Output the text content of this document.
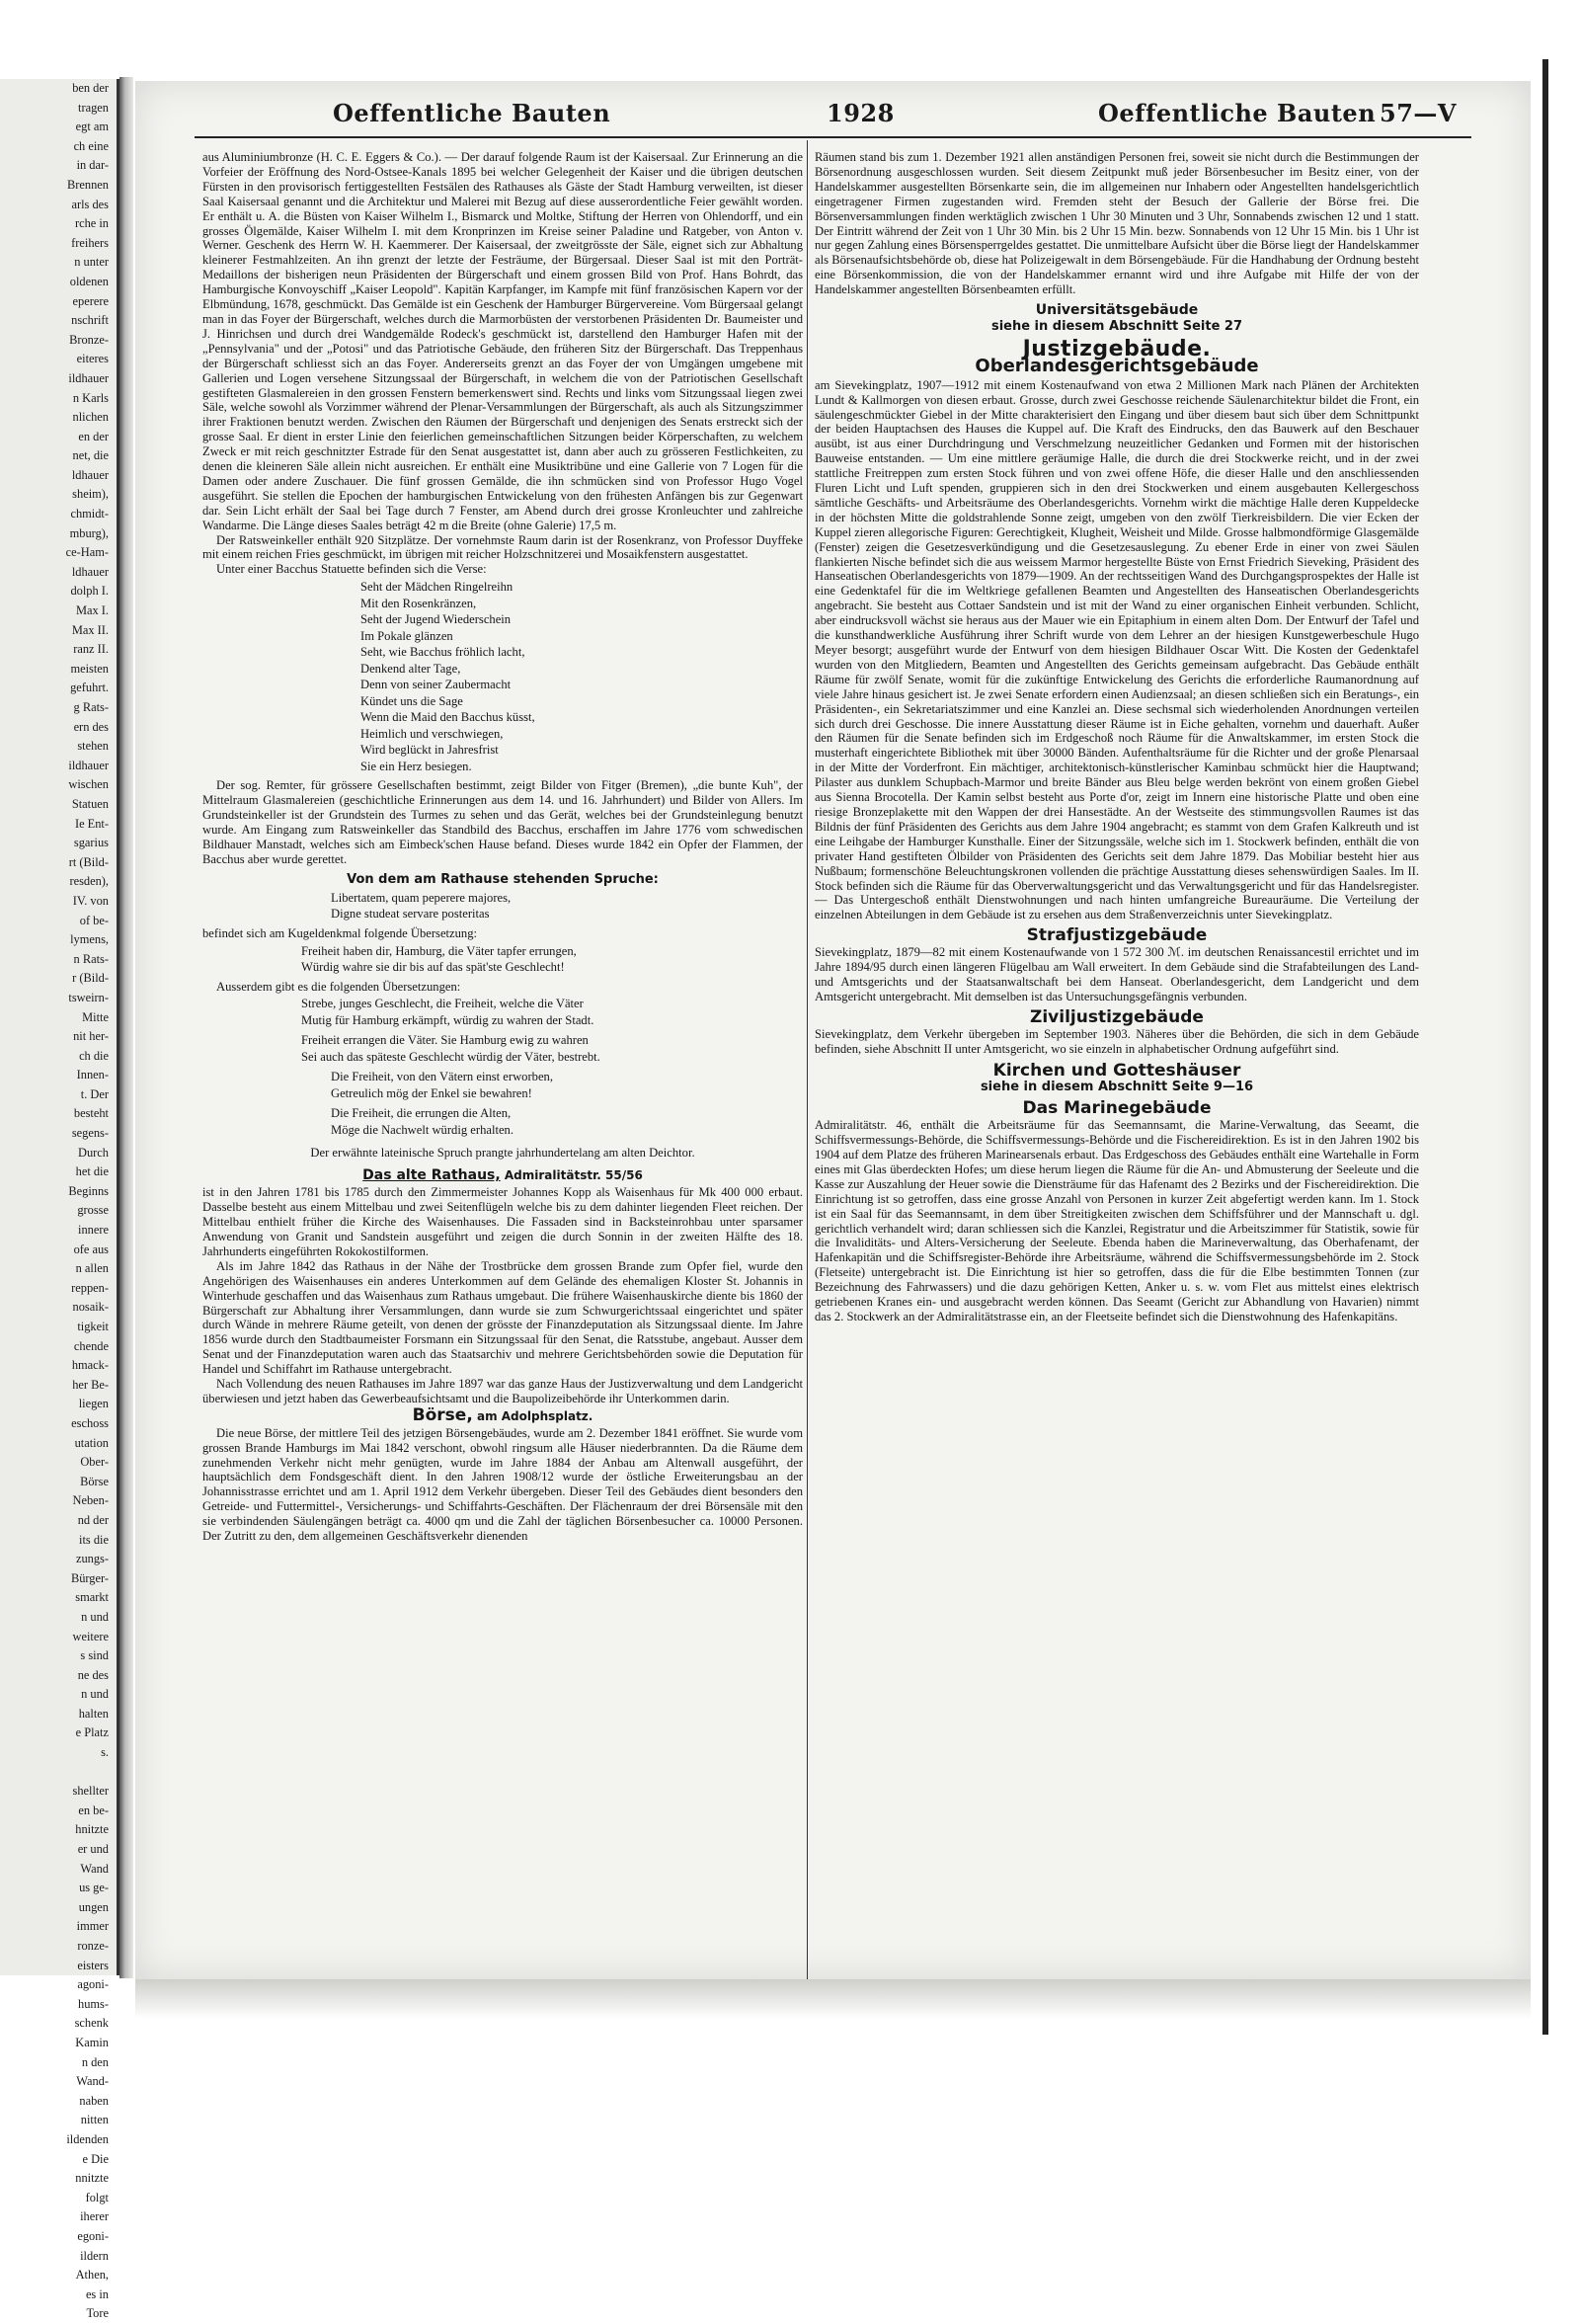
ben der
tragen
egt am
ch eine
in dar-
Brennen
arls des
rche in
freihers
n unter
oldenen
eperere
nschrift
Bronze-
eiteres
ildhauer
n Karls
nlichen
en der
net, die
ldhauer
sheim),
chmidt-
mburg),
ce-Ham-
ldhauer
dolph I.
Max I.
Max II.
ranz II.
meisten
gefuhrt.
g Rats-
ern des
stehen
ildhauer
wischen
Statuen
Ie Ent-
sgarius
rt (Bild-
resden),
IV. von
of be-
lymens,
n Rats-
r (Bild-
tsweirn-
Mitte
nit her-
ch die
Innen-
t. Der
besteht
segens-
Durch
het die
Beginns
grosse
innere
ofe aus
n allen
reppen-
nosaik-
tigkeit
chende
hmack-
her Be-
liegen
eschoss
utation
Ober-
Börse
Neben-
nd der
its die
zungs-
Bürger-
smarkt
n und
weitere
s sind
ne des
n und
halten
e Platz
s.

shellter
en be-
hnitzte
er und
Wand
us ge-
ungen
immer
ronze-
eisters
agoni-
hums-
schenk
Kamin
n den
Wand-
naben
nitten
ildenden
e Die
nnitzte
folgt
iherer
egoni-
ildern
Athen,
es in
Tore
Oeffentliche Bauten	1928	Oeffentliche Bauten 57—V

aus Aluminiumbronze (H. C. E. Eggers & Co.). — Der darauf folgende Raum ist der Kaisersaal. Zur Erinnerung an die Vorfeier der Eröffnung des Nord-Ostsee-Kanals 1895 bei welcher Gelegenheit der Kaiser und die übrigen deutschen Fürsten in den provisorisch fertiggestellten Festsälen des Rathauses als Gäste der Stadt Hamburg verweilten, ist dieser Saal Kaisersaal genannt und die Architektur und Malerei mit Bezug auf diese ausserordentliche Feier gewählt worden. Er enthält u. A. die Büsten von Kaiser Wilhelm I., Bismarck und Moltke, Stiftung der Herren von Ohlendorff, und ein grosses Ölgemälde, Kaiser Wilhelm I. mit dem Kronprinzen im Kreise seiner Paladine und Ratgeber, von Anton v. Werner. Geschenk des Herrn W. H. Kaemmerer. Der Kaisersaal, der zweitgrösste der Säle, eignet sich zur Abhaltung kleinerer Festmahlzeiten. An ihn grenzt der letzte der Festräume, der Bürgersaal. Dieser Saal ist mit den Porträt-Medaillons der bisherigen neun Präsidenten der Bürgerschaft und einem grossen Bild von Prof. Hans Bohrdt, das Hamburgische Konvoyschiff „Kaiser Leopold". Kapitän Karpfanger, im Kampfe mit fünf französischen Kapern vor der Elbmündung, 1678, geschmückt. Das Gemälde ist ein Geschenk der Hamburger Bürgervereine. Vom Bürgersaal gelangt man in das Foyer der Bürgerschaft, welches durch die Marmorbüsten der verstorbenen Präsidenten Dr. Baumeister und J. Hinrichsen und durch drei Wandgemälde Rodeck's geschmückt ist, darstellend den Hamburger Hafen mit der „Pennsylvania" und der „Potosi" und das Patriotische Gebäude, den früheren Sitz der Bürgerschaft. Das Treppenhaus der Bürgerschaft schliesst sich an das Foyer. Andererseits grenzt an das Foyer der von Umgängen umgebene mit Gallerien und Logen versehene Sitzungssaal der Bürgerschaft, in welchem die von der Patriotischen Gesellschaft gestifteten Glasmalereien in den grossen Fenstern bemerkenswert sind. Rechts und links vom Sitzungssaal liegen zwei Säle, welche sowohl als Vorzimmer während der Plenar-Versammlungen der Bürgerschaft, als auch als Sitzungszimmer ihrer Fraktionen benutzt werden. Zwischen den Räumen der Bürgerschaft und denjenigen des Senats erstreckt sich der grosse Saal. Er dient in erster Linie den feierlichen gemeinschaftlichen Sitzungen beider Körperschaften, zu welchem Zweck er mit reich geschnitzter Estrade für den Senat ausgestattet ist, dann aber auch zu grösseren Festlichkeiten, zu denen die kleineren Säle allein nicht ausreichen. Er enthält eine Musiktribüne und eine Gallerie von 7 Logen für die Damen oder andere Zuschauer. Die fünf grossen Gemälde, die ihn schmücken sind von Professor Hugo Vogel ausgeführt. Sie stellen die Epochen der hamburgischen Entwickelung von den frühesten Anfängen bis zur Gegenwart dar. Sein Licht erhält der Saal bei Tage durch 7 Fenster, am Abend durch drei grosse Kronleuchter und zahlreiche Wandarme. Die Länge dieses Saales beträgt 42 m die Breite (ohne Galerie) 17,5 m.

Der Ratsweinkeller enthält 920 Sitzplätze. Der vornehmste Raum darin ist der Rosenkranz, von Professor Duyffeke mit einem reichen Fries geschmückt, im übrigen mit reicher Holzschnitzerei und Mosaikfenstern ausgestattet.

Unter einer Bacchus Statuette befinden sich die Verse:

Seht der Mädchen Ringelreihn
Mit den Rosenkränzen,
Seht der Jugend Wiederschein
Im Pokale glänzen
Seht, wie Bacchus fröhlich lacht,
Denkend alter Tage,
Denn von seiner Zaubermacht
Kündet uns die Sage
Wenn die Maid den Bacchus küsst,
Heimlich und verschwiegen,
Wird beglückt in Jahresfrist
Sie ein Herz besiegen.

Der sog. Remter, für grössere Gesellschaften bestimmt, zeigt Bilder von Fitger (Bremen), „die bunte Kuh", der Mittelraum Glasmalereien (geschichtliche Erinnerungen aus dem 14. und 16. Jahrhundert) und Bilder von Allers. Im Grundsteinkeller ist der Grundstein des Turmes zu sehen und das Gerät, welches bei der Grundsteinlegung benutzt wurde. Am Eingang zum Ratsweinkeller das Standbild des Bacchus, erschaffen im Jahre 1776 vom schwedischen Bildhauer Manstadt, welches sich am Eimbeck'schen Hause befand. Dieses wurde 1842 ein Opfer der Flammen, der Bacchus aber wurde gerettet.

Von dem am Rathause stehenden Spruche:
Libertatem, quam peperere majores,
Digne studeat servare posteritas

befindet sich am Kugeldenkmal folgende Übersetzung:

Freiheit haben dir, Hamburg, die Väter tapfer errungen,
Würdig wahre sie dir bis auf das spät'ste Geschlecht!

Ausserdem gibt es die folgenden Übersetzungen:

Strebe, junges Geschlecht, die Freiheit, welche die Väter
Mutig für Hamburg erkämpft, würdig zu wahren der Stadt.
Freiheit errangen die Väter. Sie Hamburg ewig zu wahren
Sei auch das späteste Geschlecht würdig der Väter, bestrebt.
Die Freiheit, von den Vätern einst erworben,
Getreulich mög der Enkel sie bewahren!
Die Freiheit, die errungen die Alten,
Möge die Nachwelt würdig erhalten.
Der erwähnte lateinische Spruch prangte jahrhundertelang am alten Deichtor.
Das alte Rathaus, Admiralitätstr. 55/56

ist in den Jahren 1781 bis 1785 durch den Zimmermeister Johannes Kopp als Waisenhaus für Mk 400 000 erbaut. Dasselbe besteht aus einem Mittelbau und zwei Seitenflügeln welche bis zu dem dahinter liegenden Fleet reichen. Der Mittelbau enthielt früher die Kirche des Waisenhauses. Die Fassaden sind in Backsteinrohbau unter sparsamer Anwendung von Granit und Sandstein ausgeführt und zeigen die durch Sonnin in der zweiten Hälfte des 18. Jahrhunderts eingeführten Rokokostilformen.

Als im Jahre 1842 das Rathaus in der Nähe der Trostbrücke dem grossen Brande zum Opfer fiel, wurde den Angehörigen des Waisenhauses ein anderes Unterkommen auf dem Gelände des ehemaligen Kloster St. Johannis in Winterhude geschaffen und das Waisenhaus zum Rathaus umgebaut. Die frühere Waisenhauskirche diente bis 1860 der Bürgerschaft zur Abhaltung ihrer Versammlungen, dann wurde sie zum Schwurgerichtssaal eingerichtet und später durch Wände in mehrere Räume geteilt, von denen der grösste der Finanzdeputation als Sitzungssaal diente. Im Jahre 1856 wurde durch den Stadtbaumeister Forsmann ein Sitzungssaal für den Senat, die Ratsstube, angebaut. Ausser dem Senat und der Finanzdeputation waren auch das Staatsarchiv und mehrere Gerichtsbehörden sowie die Deputation für Handel und Schiffahrt im Rathause untergebracht.

Nach Vollendung des neuen Rathauses im Jahre 1897 war das ganze Haus der Justizverwaltung und dem Landgericht überwiesen und jetzt haben das Gewerbeaufsichtsamt und die Baupolizeibehörde ihr Unterkommen darin.

Börse, am Adolphsplatz.

Die neue Börse, der mittlere Teil des jetzigen Börsengebäudes, wurde am 2. Dezember 1841 eröffnet. Sie wurde vom grossen Brande Hamburgs im Mai 1842 verschont, obwohl ringsum alle Häuser niederbrannten. Da die Räume dem zunehmenden Verkehr nicht mehr genügten, wurde im Jahre 1884 der Anbau am Altenwall ausgeführt, der hauptsächlich dem Fondsgeschäft dient. In den Jahren 1908/12 wurde der östliche Erweiterungsbau an der Johannisstrasse errichtet und am 1. April 1912 dem Verkehr übergeben. Dieser Teil des Gebäudes dient besonders den Getreide- und Futtermittel-, Versicherungs- und Schiffahrts-Geschäften. Der Flächenraum der drei Börsensäle mit den sie verbindenden Säulengängen beträgt ca. 4000 qm und die Zahl der täglichen Börsenbesucher ca. 10000 Personen. Der Zutritt zu den, dem allgemeinen Geschäftsverkehr dienenden

Räumen stand bis zum 1. Dezember 1921 allen anständigen Personen frei, soweit sie nicht durch die Bestimmungen der Börsenordnung ausgeschlossen wurden. Seit diesem Zeitpunkt muß jeder Börsenbesucher im Besitz einer, von der Handelskammer ausgestellten Börsenkarte sein, die im allgemeinen nur Inhabern oder Angestellten handelsgerichtlich eingetragener Firmen zugestanden wird. Fremden steht der Besuch der Gallerie der Börse frei. Die Börsenversammlungen finden werktäglich zwischen 1 Uhr 30 Minuten und 3 Uhr, Sonnabends zwischen 12 und 1 statt. Der Eintritt während der Zeit von 1 Uhr 30 Min. bis 2 Uhr 15 Min. bezw. Sonnabends von 12 Uhr 15 Min. bis 1 Uhr ist nur gegen Zahlung eines Börsensperrgeldes gestattet. Die unmittelbare Aufsicht über die Börse liegt der Handelskammer als Börsenaufsichtsbehörde ob, diese hat Polizeigewalt in dem Börsengebäude. Für die Handhabung der Ordnung besteht eine Börsenkommission, die von der Handelskammer ernannt wird und ihre Aufgabe mit Hilfe der von der Handelskammer angestellten Börsenbeamten erfüllt.

Universitätsgebäude
siehe in diesem Abschnitt Seite 27
Justizgebäude.
Oberlandesgerichtsgebäude

am Sievekingplatz, 1907—1912 mit einem Kostenaufwand von etwa 2 Millionen Mark nach Plänen der Architekten Lundt & Kallmorgen von diesen erbaut. Grosse, durch zwei Geschosse reichende Säulenarchitektur bildet die Front, ein säulengeschmückter Giebel in der Mitte charakterisiert den Eingang und über diesem baut sich über dem Schnittpunkt der beiden Hauptachsen des Hauses die Kuppel auf. Die Kraft des Eindrucks, den das Bauwerk auf den Beschauer ausübt, ist aus einer Durchdringung und Verschmelzung neuzeitlicher Gedanken und Formen mit der historischen Bauweise entstanden. — Um eine mittlere geräumige Halle, die durch die drei Stockwerke reicht, und in der zwei stattliche Freitreppen zum ersten Stock führen und von zwei offene Höfe, die dieser Halle und den anschliessenden Fluren Licht und Luft spenden, gruppieren sich in den drei Stockwerken und einem ausgebauten Kellergeschoss sämtliche Geschäfts- und Arbeitsräume des Oberlandesgerichts. Vornehm wirkt die mächtige Halle deren Kuppeldecke in der höchsten Mitte die goldstrahlende Sonne zeigt, umgeben von den zwölf Tierkreisbildern. Die vier Ecken der Kuppel zieren allegorische Figuren: Gerechtigkeit, Klugheit, Weisheit und Milde. Grosse halbmondförmige Glasgemälde (Fenster) zeigen die Gesetzesverkündigung und die Gesetzesauslegung. Zu ebener Erde in einer von zwei Säulen flankierten Nische befindet sich die aus weissem Marmor hergestellte Büste von Ernst Friedrich Sieveking, Präsident des Hanseatischen Oberlandesgerichts von 1879—1909. An der rechtsseitigen Wand des Durchgangsprospektes der Halle ist eine Gedenktafel für die im Weltkriege gefallenen Beamten und Angestellten des Hanseatischen Oberlandesgerichts angebracht. Sie besteht aus Cottaer Sandstein und ist mit der Wand zu einer organischen Einheit verbunden. Schlicht, aber eindrucksvoll wächst sie heraus aus der Mauer wie ein Epitaphium in einem alten Dom. Der Entwurf der Tafel und die kunsthandwerkliche Ausführung ihrer Schrift wurde von dem Lehrer an der hiesigen Kunstgewerbeschule Hugo Meyer besorgt; ausgeführt wurde der Entwurf von dem hiesigen Bildhauer Oscar Witt. Die Kosten der Gedenktafel wurden von den Mitgliedern, Beamten und Angestellten des Gerichts gemeinsam aufgebracht. Das Gebäude enthält Räume für zwölf Senate, womit für die zukünftige Entwickelung des Gerichts die erforderliche Raumanordnung auf viele Jahre hinaus gesichert ist. Je zwei Senate erfordern einen Audienzsaal; an diesen schließen sich ein Beratungs-, ein Präsidenten-, ein Sekretariatszimmer und eine Kanzlei an. Diese sechsmal sich wiederholenden Anordnungen verteilen sich durch drei Geschosse. Die innere Ausstattung dieser Räume ist in Eiche gehalten, vornehm und dauerhaft. Außer den Räumen für die Senate befinden sich im Erdgeschoß noch Räume für die Anwaltskammer, im ersten Stock die musterhaft eingerichtete Bibliothek mit über 30000 Bänden. Aufenthaltsräume für die Richter und der große Plenarsaal in der Mitte der Vorderfront. Ein mächtiger, architektonisch-künstlerischer Kaminbau schmückt hier die Hauptwand; Pilaster aus dunklem Schupbach-Marmor und breite Bänder aus Bleu belge werden bekrönt von einem großen Giebel aus Sienna Brocotella. Der Kamin selbst besteht aus Porte d'or, zeigt im Innern eine historische Platte und oben eine riesige Bronzeplakette mit den Wappen der drei Hansestädte. An der Westseite des stimmungsvollen Raumes ist das Bildnis der fünf Präsidenten des Gerichts aus dem Jahre 1904 angebracht; es stammt von dem Grafen Kalkreuth und ist eine Leihgabe der Hamburger Kunsthalle. Einer der Sitzungssäle, welche sich im 1. Stockwerk befinden, enthält die von privater Hand gestifteten Ölbilder von Präsidenten des Gerichts seit dem Jahre 1879. Das Mobiliar besteht hier aus Nußbaum; formenschöne Beleuchtungskronen vollenden die prächtige Ausstattung dieses sehenswürdigen Saales. Im II. Stock befinden sich die Räume für das Oberverwaltungsgericht und das Verwaltungsgericht und für das Handelsregister. — Das Untergeschoß enthält Dienstwohnungen und nach hinten umfangreiche Bureauräume. Die Verteilung der einzelnen Abteilungen in dem Gebäude ist zu ersehen aus dem Straßenverzeichnis unter Sievekingplatz.

Strafjustizgebäude

Sievekingplatz, 1879—82 mit einem Kostenaufwande von 1 572 300 ℳ. im deutschen Renaissancestil errichtet und im Jahre 1894/95 durch einen längeren Flügelbau am Wall erweitert. In dem Gebäude sind die Strafabteilungen des Land- und Amtsgerichts und der Staatsanwaltschaft bei dem Hanseat. Oberlandesgericht, dem Landgericht und dem Amtsgericht untergebracht. Mit demselben ist das Untersuchungsgefängnis verbunden.

Ziviljustizgebäude

Sievekingplatz, dem Verkehr übergeben im September 1903. Näheres über die Behörden, die sich in dem Gebäude befinden, siehe Abschnitt II unter Amtsgericht, wo sie einzeln in alphabetischer Ordnung aufgeführt sind.

Kirchen und Gotteshäuser
siehe in diesem Abschnitt Seite 9—16
Das Marinegebäude

Admiralitätstr. 46, enthält die Arbeitsräume für das Seemannsamt, die Marine-Verwaltung, das Seeamt, die Schiffsvermessungs-Behörde, die Schiffsvermessungs-Behörde und die Fischereidirektion. Es ist in den Jahren 1902 bis 1904 auf dem Platze des früheren Marinearsenals erbaut. Das Erdgeschoss des Gebäudes enthält eine Wartehalle in Form eines mit Glas überdeckten Hofes; um diese herum liegen die Räume für die An- und Abmusterung der Seeleute und die Kasse zur Auszahlung der Heuer sowie die Diensträume für das Hafenamt des 2 Bezirks und der Fischereidirektion. Die Einrichtung ist so getroffen, dass eine grosse Anzahl von Personen in kurzer Zeit abgefertigt werden kann. Im 1. Stock ist ein Saal für das Seemannsamt, in dem über Streitigkeiten zwischen dem Schiffsführer und der Mannschaft u. dgl. gerichtlich verhandelt wird; daran schliessen sich die Kanzlei, Registratur und die Arbeitszimmer für Statistik, sowie für die Invaliditäts- und Alters-Versicherung der Seeleute. Ebenda haben die Marineverwaltung, das Oberhafenamt, der Hafenkapitän und die Schiffsregister-Behörde ihre Arbeitsräume, während die Schiffsvermessungsbehörde im 2. Stock (Fletseite) untergebracht ist. Die Einrichtung ist hier so getroffen, dass die für die Elbe bestimmten Tonnen (zur Bezeichnung des Fahrwassers) und die dazu gehörigen Ketten, Anker u. s. w. vom Flet aus mittelst eines elektrisch getriebenen Kranes ein- und ausgebracht werden können. Das Seeamt (Gericht zur Abhandlung von Havarien) nimmt das 2. Stockwerk an der Admiralitätstrasse ein, an der Fleetseite befindet sich die Dienstwohnung des Hafenkapitäns.
